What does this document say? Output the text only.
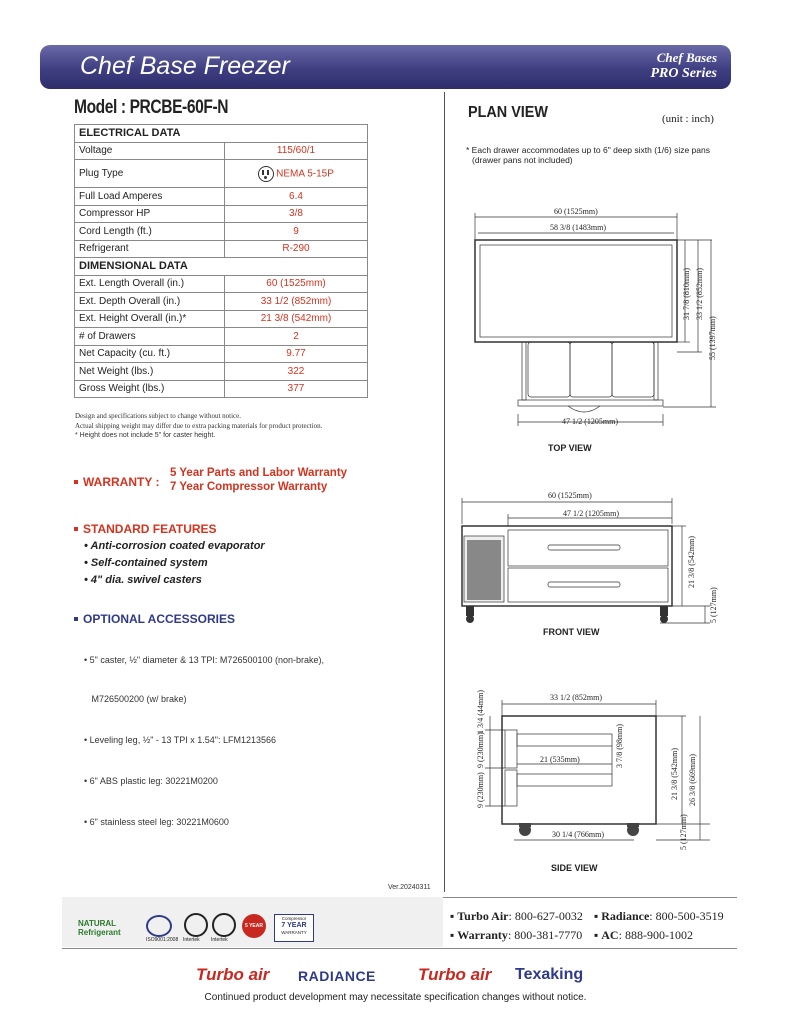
Chef Base Freezer	Chef Bases
PRO Series
Model : PRCBE-60F-N
ELECTRICAL DATA	
Voltage	115/60/1
Plug Type	NEMA 5-15P
Full Load Amperes	6.4
Compressor HP	3/8
Cord Length (ft.)	9
Refrigerant	R-290
DIMENSIONAL DATA	
Ext. Length Overall (in.)	60 (1525mm)
Ext. Depth Overall (in.)	33 1/2 (852mm)
Ext. Height Overall (in.)*	21 3/8 (542mm)
# of Drawers	2
Net Capacity (cu. ft.)	9.77
Net Weight (lbs.)	322
Gross Weight (lbs.)	377
Design and specifications subject to change without notice.
Actual shipping weight may differ due to extra packing materials for product protection.
* Height does not include 5" for caster height.
WARRANTY :
5 Year Parts and Labor Warranty
7 Year Compressor Warranty
STANDARD FEATURES
• Anti-corrosion coated evaporator
• Self-contained system
• 4" dia. swivel casters
OPTIONAL ACCESSORIES

• 5" caster, ½" diameter & 13 TPI: M726500100 (non-brake),

M726500200 (w/ brake)

• Leveling leg, ½" - 13 TPI x 1.54": LFM1213566

• 6" ABS plastic leg: 30221M0200

• 6" stainless steel leg: 30221M0600

PLAN VIEW	(unit : inch)
* Each drawer accommodates up to 6" deep sixth (1/6) size pans
(drawer pans not included)
60 (1525mm)
58 3/8 (1483mm)
47 1/2 (1205mm)
31 7/8 (810mm) 33 1/2 (852mm)
55 (1397mm)
TOP VIEW
60 (1525mm)
47 1/2 (1205mm)
21 3/8 (542mm)
5 (127mm)
FRONT VIEW
33 1/2 (852mm)
1 3/4 (44mm)
9 (230mm)
9 (230mm)
3 7/8 (98mm)
21 (535mm)	21 3/8 (542mm) 26 3/8 (669mm)
5 (127mm)
30 1/4 (766mm)
SIDE VIEW
Ver.20240311
NATURAL
Refrigerant
ISO9001:2008 Intertek Intertek
5 YEAR
Compressor
7 YEAR
WARRANTY
▪ Turbo Air: 800-627-0032 ▪ Radiance: 800-500-3519
▪ Warranty: 800-381-7770 ▪ AC: 888-900-1002
Turbo air RADIANCE Turbo air Texaking
Continued product development may necessitate specification changes without notice.
